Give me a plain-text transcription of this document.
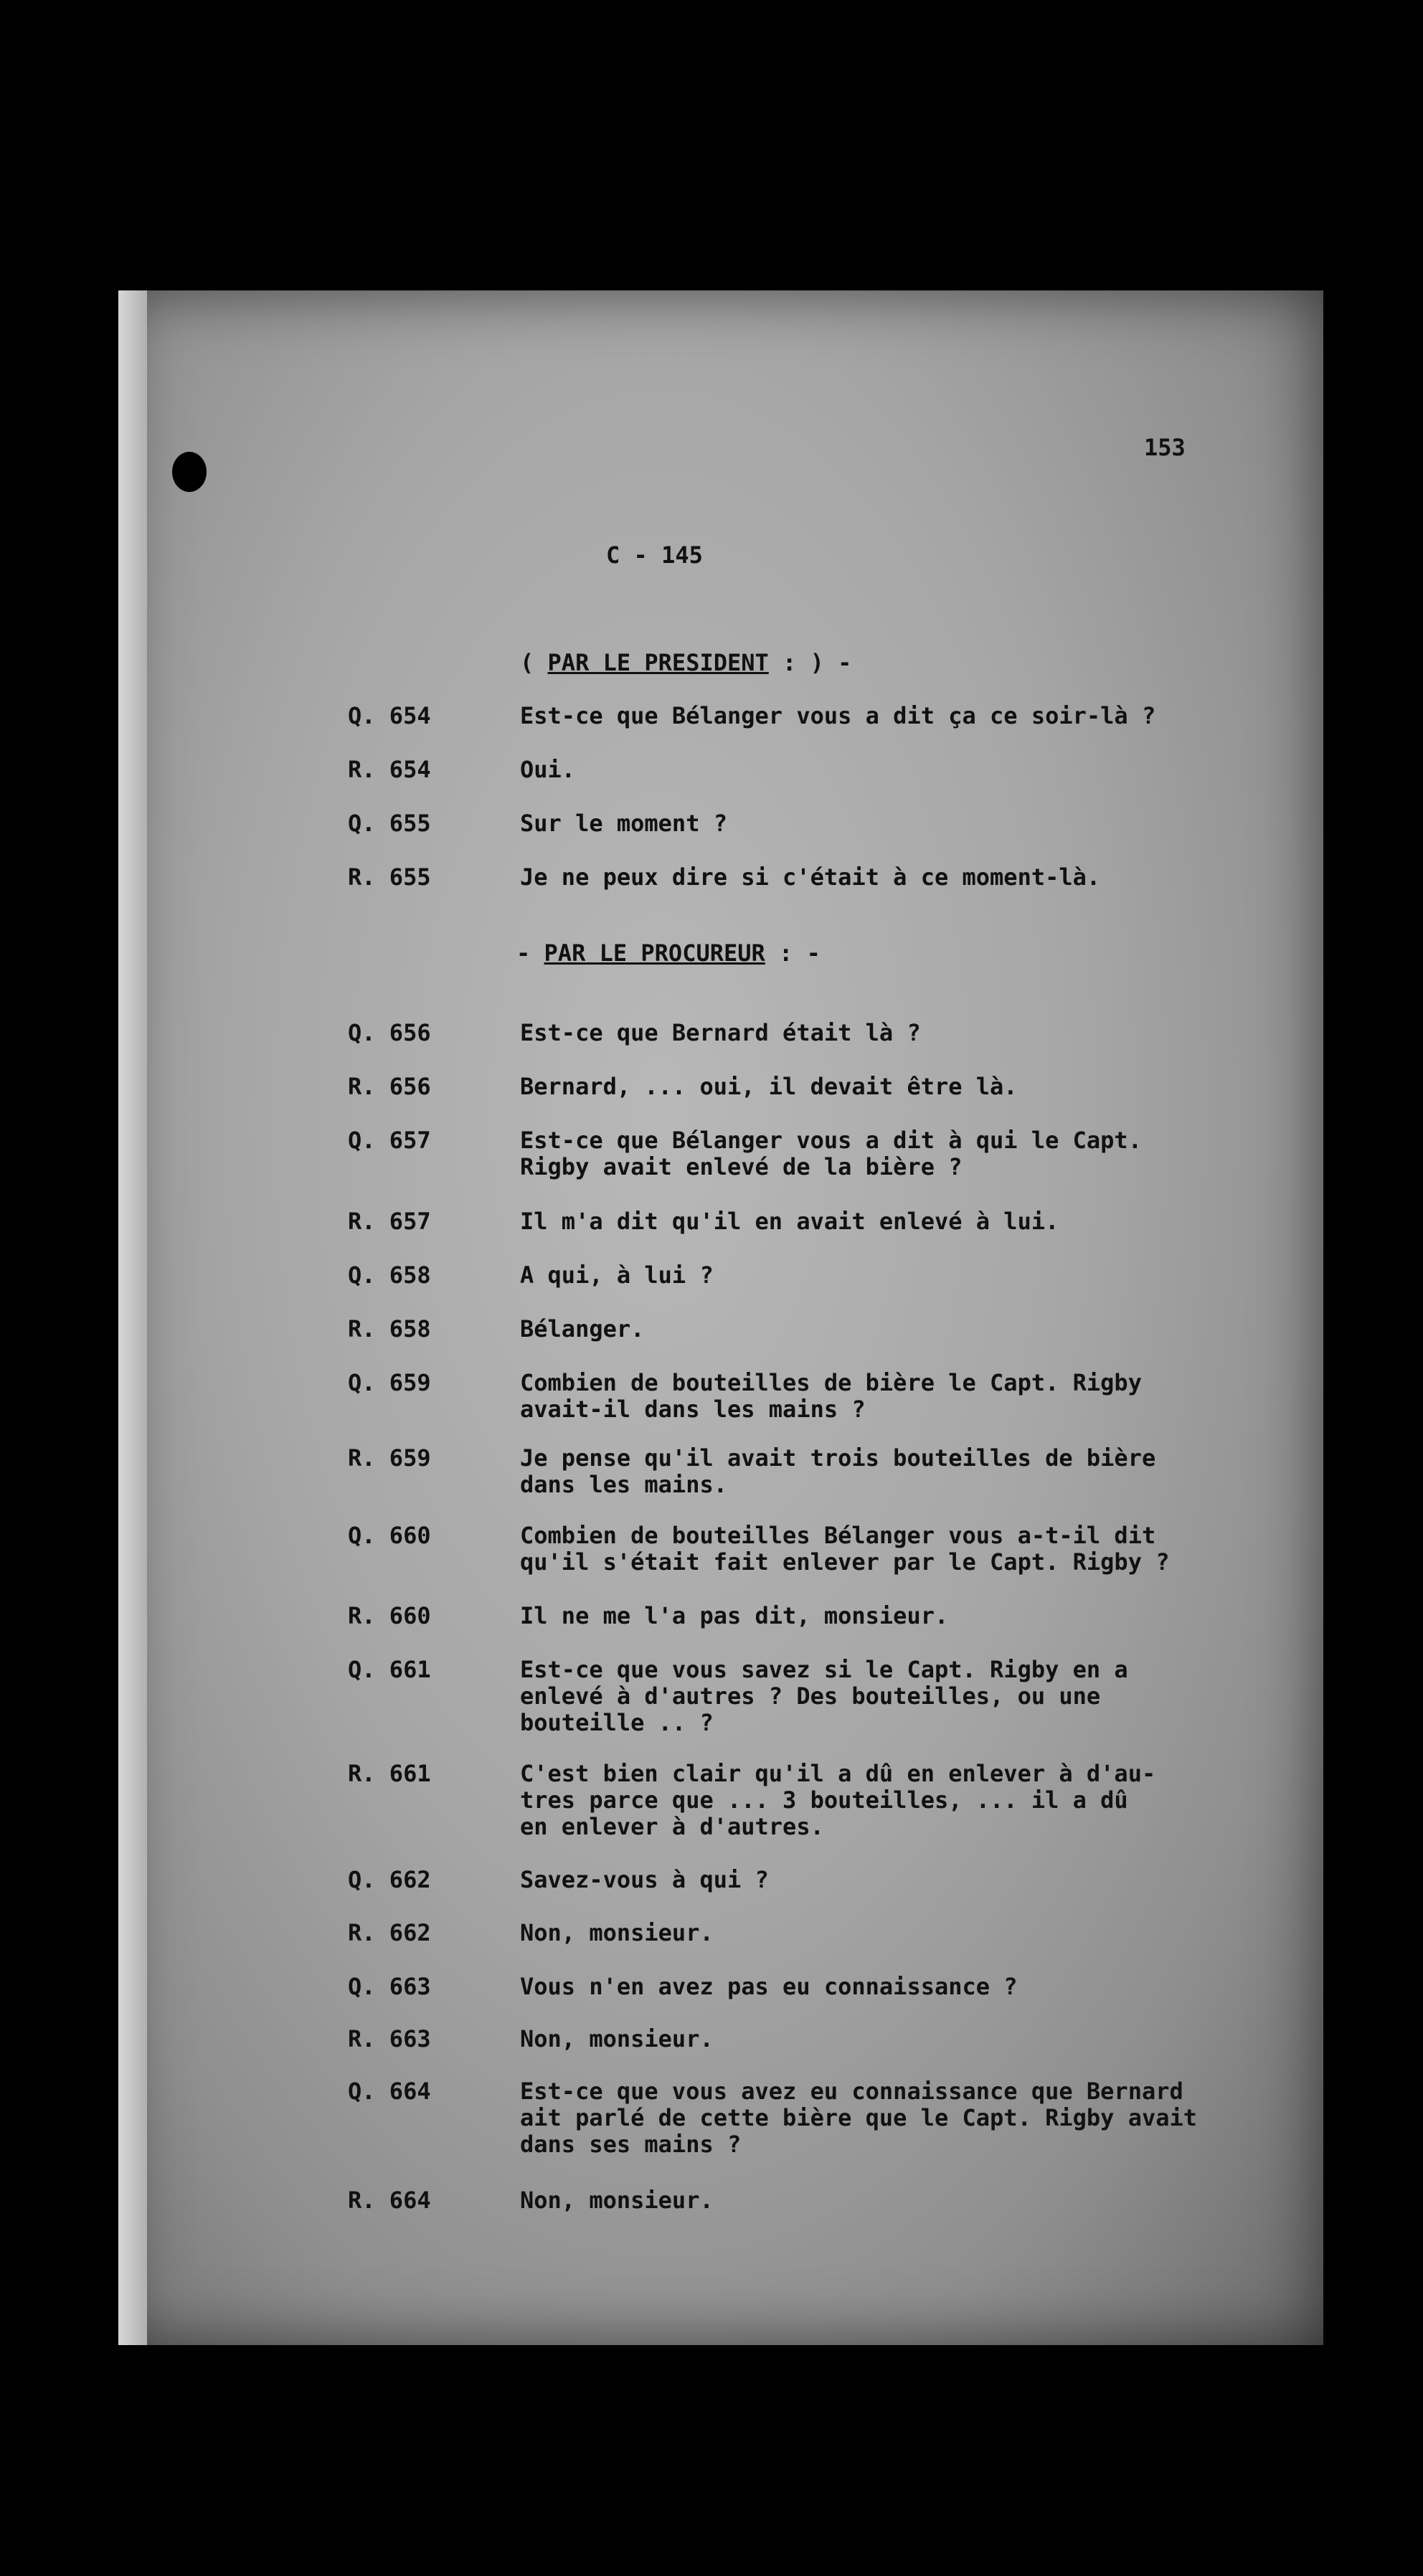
153
C - 145
( PAR LE PRESIDENT : ) -
Q. 654	Est-ce que Bélanger vous a dit ça ce soir-là ?
R. 654	Oui.
Q. 655	Sur le moment ?
R. 655	Je ne peux dire si c'était à ce moment-là.
- PAR LE PROCUREUR : -
Q. 656	Est-ce que Bernard était là ?
R. 656	Bernard, ... oui, il devait être là.
Q. 657	Est-ce que Bélanger vous a dit à qui le Capt.
Rigby avait enlevé de la bière ?
R. 657	Il m'a dit qu'il en avait enlevé à lui.
Q. 658	A qui, à lui ?
R. 658	Bélanger.
Q. 659	Combien de bouteilles de bière le Capt. Rigby
avait-il dans les mains ?
R. 659	Je pense qu'il avait trois bouteilles de bière
dans les mains.
Q. 660	Combien de bouteilles Bélanger vous a-t-il dit
qu'il s'était fait enlever par le Capt. Rigby ?
R. 660	Il ne me l'a pas dit, monsieur.
Q. 661	Est-ce que vous savez si le Capt. Rigby en a
enlevé à d'autres ? Des bouteilles, ou une
bouteille .. ?
R. 661	C'est bien clair qu'il a dû en enlever à d'au-
tres parce que ... 3 bouteilles, ... il a dû
en enlever à d'autres.
Q. 662	Savez-vous à qui ?
R. 662	Non, monsieur.
Q. 663	Vous n'en avez pas eu connaissance ?
R. 663	Non, monsieur.
Q. 664	Est-ce que vous avez eu connaissance que Bernard
ait parlé de cette bière que le Capt. Rigby avait
dans ses mains ?
R. 664	Non, monsieur.
